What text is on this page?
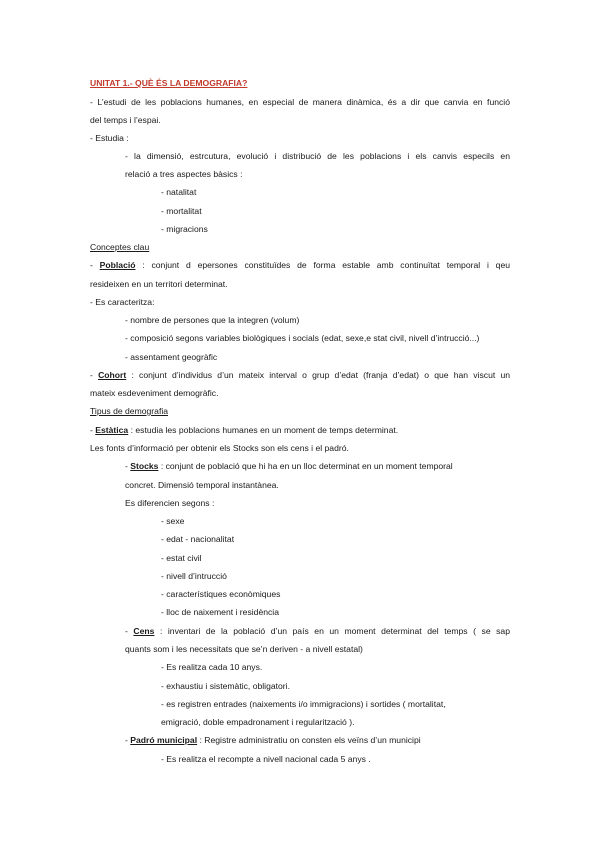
UNITAT 1.- QUÈ ÉS LA DEMOGRAFIA?
- L’estudi de les poblacions humanes, en especial de manera dinàmica, és a dir que canvia en funció
del temps i l’espai.
- Estudia :
- la dimensió, estrcutura, evolució i distribució de les poblacions i els canvis especils en
relació a tres aspectes bàsics :
- natalitat
- mortalitat
- migracions
Conceptes clau
- Població : conjunt d epersones constituïdes de forma estable amb continuïtat temporal i qeu
resideixen en un territori determinat.
- Es caracteritza:
- nombre de persones que la integren (volum)
- composició segons variables biològiques i socials (edat, sexe,e stat civil, nivell d’intrucció...)
- assentament geogràfic
- Cohort : conjunt d’individus d’un mateix interval o grup d’edat (franja d’edat) o que han viscut un
mateix esdeveniment demogràfic.
Tipus de demografia
- Estàtica : estudia les poblacions humanes en un moment de temps determinat.
Les fonts d’informació per obtenir els Stocks son els cens i el padró.
- Stocks : conjunt de població que hi ha en un lloc determinat en un moment temporal
concret. Dimensió temporal instantànea.
Es diferencien segons :
- sexe
- edat - nacionalitat
- estat civil
- nivell d’intrucció
- característiques econòmiques
- lloc de naixement i residència
- Cens : inventari de la població d’un país en un moment determinat del temps ( se sap
quants som i les necessitats que se’n deriven - a nivell estatal)
- Es realitza cada 10 anys.
- exhaustiu i sistemàtic, obligatori.
- es registren entrades (naixements i/o immigracions) i sortides ( mortalitat,
emigració, doble empadronament i regularització ).
- Padró municipal : Registre administratiu on consten els veïns d’un municipi
- Es realitza el recompte a nivell nacional cada 5 anys .
